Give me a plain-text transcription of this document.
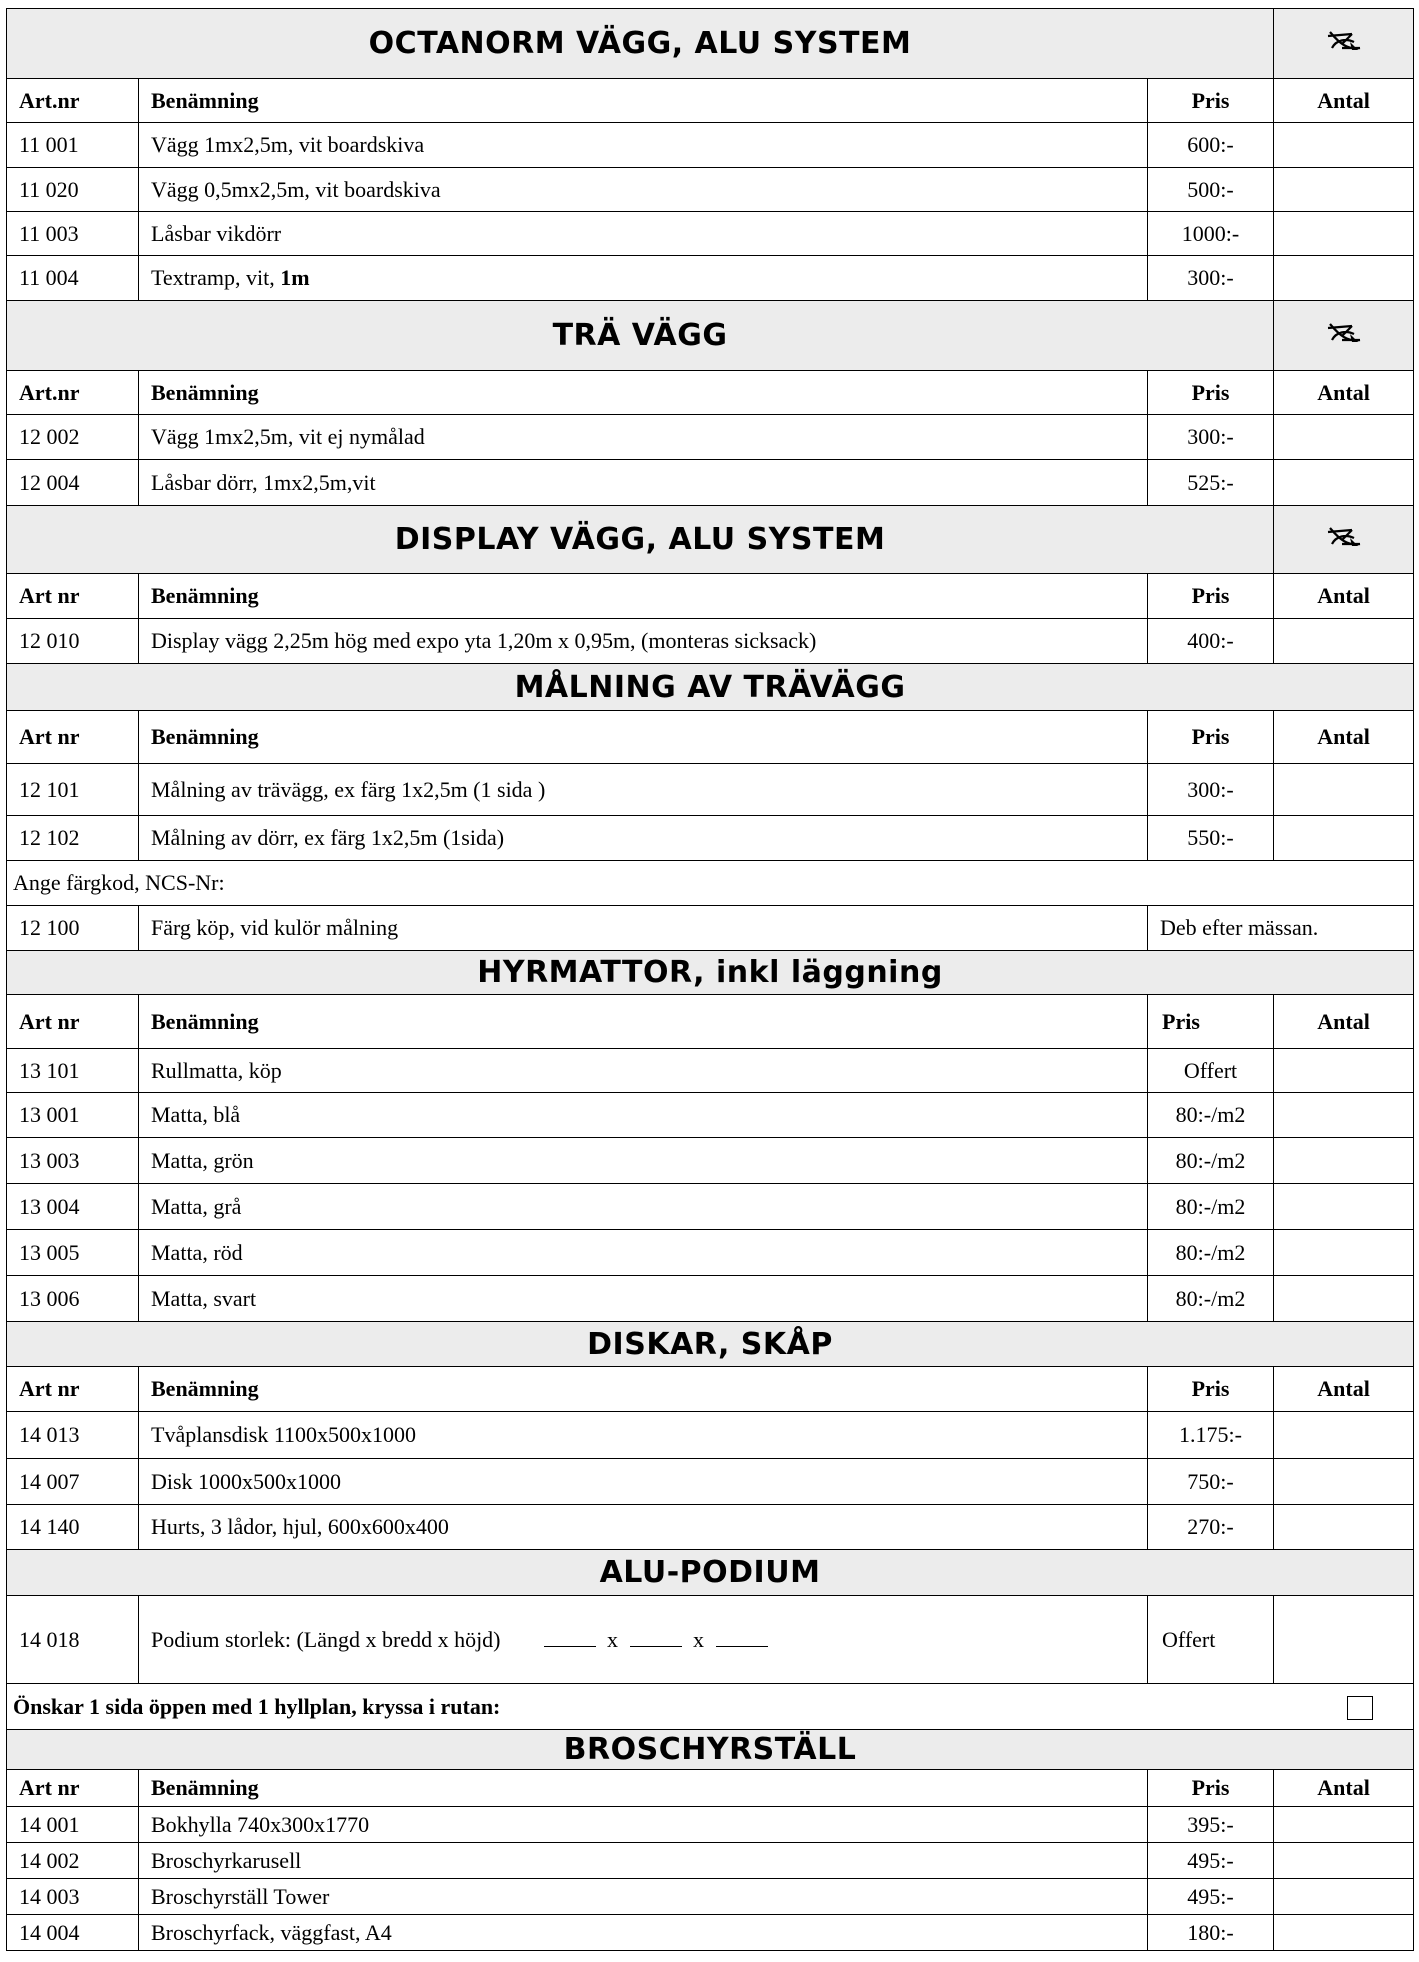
OCTANORM VÄGG, ALU SYSTEM	
Art.nr	Benämning	Pris	Antal
11 001	Vägg 1mx2,5m, vit boardskiva	600:-	
11 020	Vägg 0,5mx2,5m, vit boardskiva	500:-	
11 003	Låsbar vikdörr	1000:-	
11 004	Textramp, vit, 1m	300:-	
TRÄ VÄGG	
Art.nr	Benämning	Pris	Antal
12 002	Vägg 1mx2,5m, vit ej nymålad	300:-	
12 004	Låsbar dörr, 1mx2,5m,vit	525:-	
DISPLAY VÄGG, ALU SYSTEM	
Art nr	Benämning	Pris	Antal
12 010	Display vägg 2,25m hög med expo yta 1,20m x 0,95m, (monteras sicksack)	400:-	
MÅLNING AV TRÄVÄGG			
Art nr	Benämning	Pris	Antal
12 101	Målning av trävägg, ex färg 1x2,5m (1 sida )	300:-	
12 102	Målning av dörr, ex färg 1x2,5m (1sida)	550:-	
Ange färgkod, NCS-Nr:			
12 100	Färg köp, vid kulör målning	Deb efter mässan.	
HYRMATTOR, inkl läggning			
Art nr	Benämning	Pris	Antal
13 101	Rullmatta, köp	Offert	
13 001	Matta, blå	80:-/m2	
13 003	Matta, grön	80:-/m2	
13 004	Matta, grå	80:-/m2	
13 005	Matta, röd	80:-/m2	
13 006	Matta, svart	80:-/m2	
DISKAR, SKÅP			
Art nr	Benämning	Pris	Antal
14 013	Tvåplansdisk 1100x500x1000	1.175:-	
14 007	Disk 1000x500x1000	750:-	
14 140	Hurts, 3 lådor, hjul, 600x600x400	270:-	
ALU-PODIUM			
14 018	Podium storlek: (Längd x bredd x höjd) x x	Offert	
Önskar 1 sida öppen med 1 hyllplan, kryssa i rutan:			
BROSCHYRSTÄLL			
Art nr	Benämning	Pris	Antal
14 001	Bokhylla 740x300x1770	395:-	
14 002	Broschyrkarusell	495:-	
14 003	Broschyrställ Tower	495:-	
14 004	Broschyrfack, väggfast, A4	180:-	
